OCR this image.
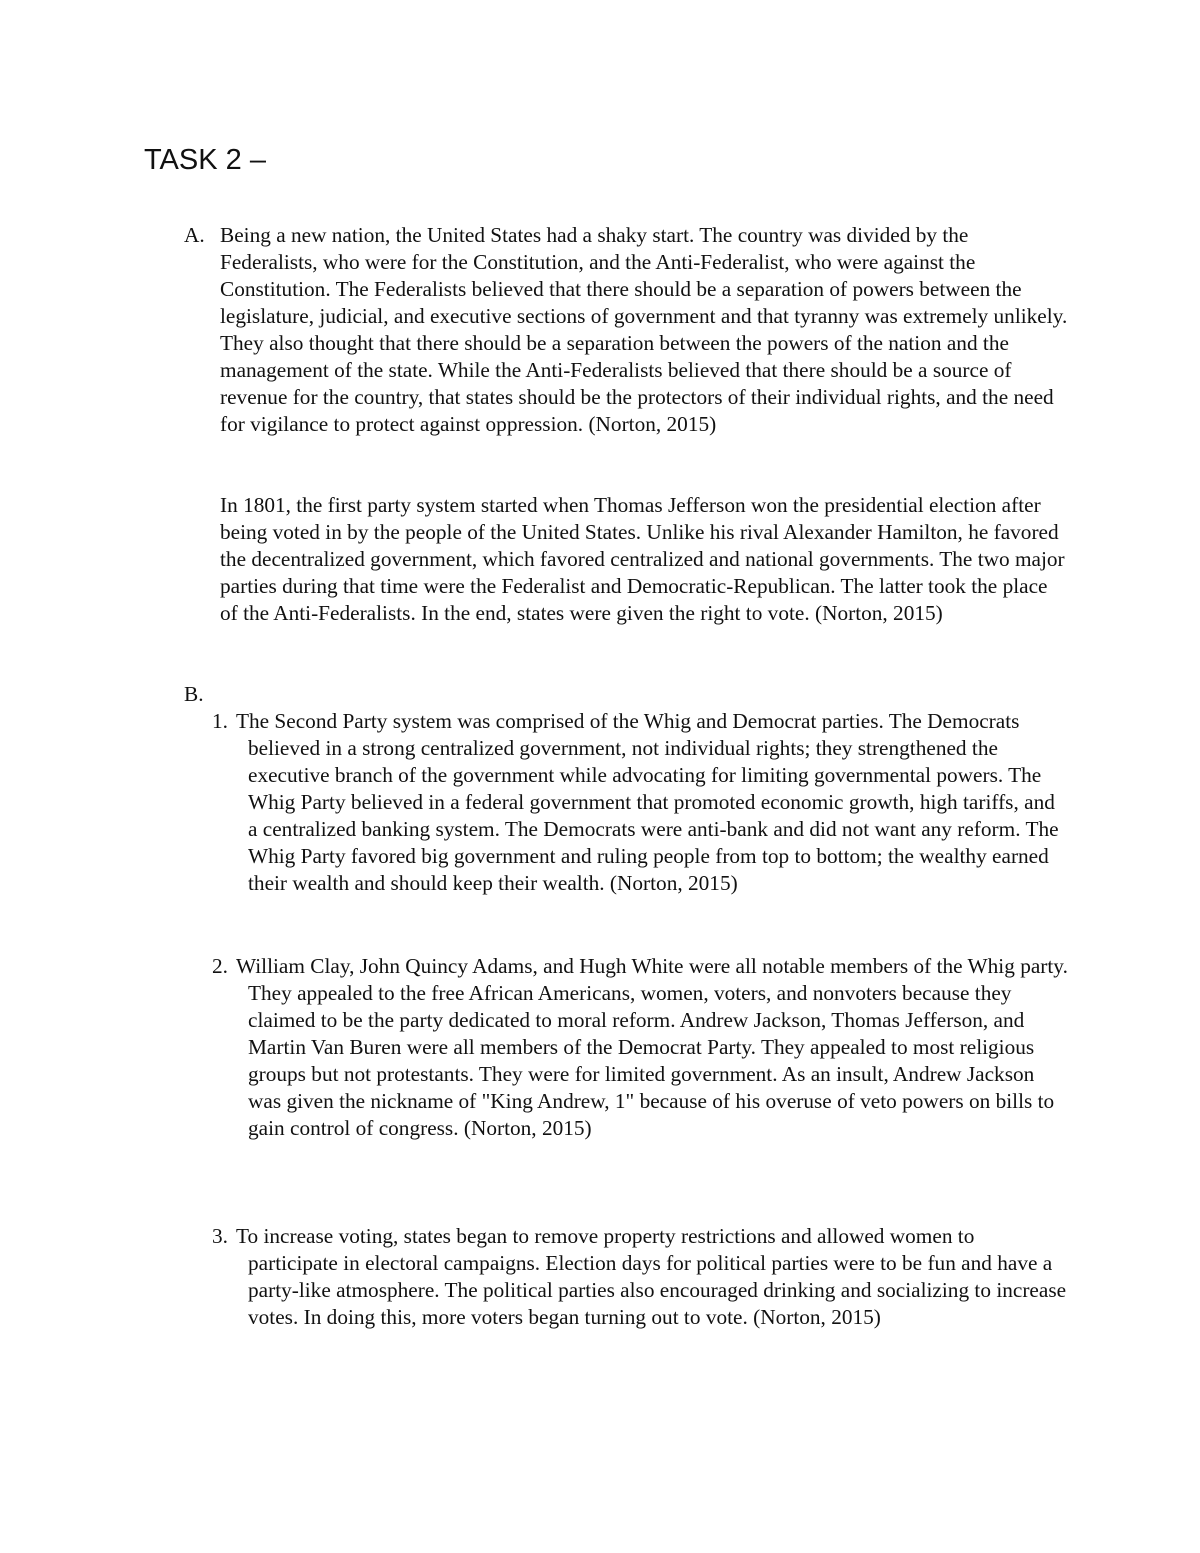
TASK 2 –
A. Being a new nation, the United States had a shaky start. The country was divided by the Federalists, who were for the Constitution, and the Anti-Federalist, who were against the Constitution. The Federalists believed that there should be a separation of powers between the legislature, judicial, and executive sections of government and that tyranny was extremely unlikely. They also thought that there should be a separation between the powers of the nation and the management of the state. While the Anti-Federalists believed that there should be a source of revenue for the country, that states should be the protectors of their individual rights, and the need for vigilance to protect against oppression. (Norton, 2015)

In 1801, the first party system started when Thomas Jefferson won the presidential election after being voted in by the people of the United States. Unlike his rival Alexander Hamilton, he favored the decentralized government, which favored centralized and national governments. The two major parties during that time were the Federalist and Democratic-Republican. The latter took the place of the Anti-Federalists. In the end, states were given the right to vote. (Norton, 2015)

B.

1. The Second Party system was comprised of the Whig and Democrat parties. The Democrats believed in a strong centralized government, not individual rights; they strengthened the executive branch of the government while advocating for limiting governmental powers. The Whig Party believed in a federal government that promoted economic growth, high tariffs, and a centralized banking system. The Democrats were anti-bank and did not want any reform. The Whig Party favored big government and ruling people from top to bottom; the wealthy earned their wealth and should keep their wealth. (Norton, 2015)

2. William Clay, John Quincy Adams, and Hugh White were all notable members of the Whig party. They appealed to the free African Americans, women, voters, and nonvoters because they claimed to be the party dedicated to moral reform. Andrew Jackson, Thomas Jefferson, and Martin Van Buren were all members of the Democrat Party. They appealed to most religious groups but not protestants. They were for limited government. As an insult, Andrew Jackson was given the nickname of "King Andrew, 1" because of his overuse of veto powers on bills to gain control of congress. (Norton, 2015)

3. To increase voting, states began to remove property restrictions and allowed women to participate in electoral campaigns. Election days for political parties were to be fun and have a party-like atmosphere. The political parties also encouraged drinking and socializing to increase votes. In doing this, more voters began turning out to vote. (Norton, 2015)
